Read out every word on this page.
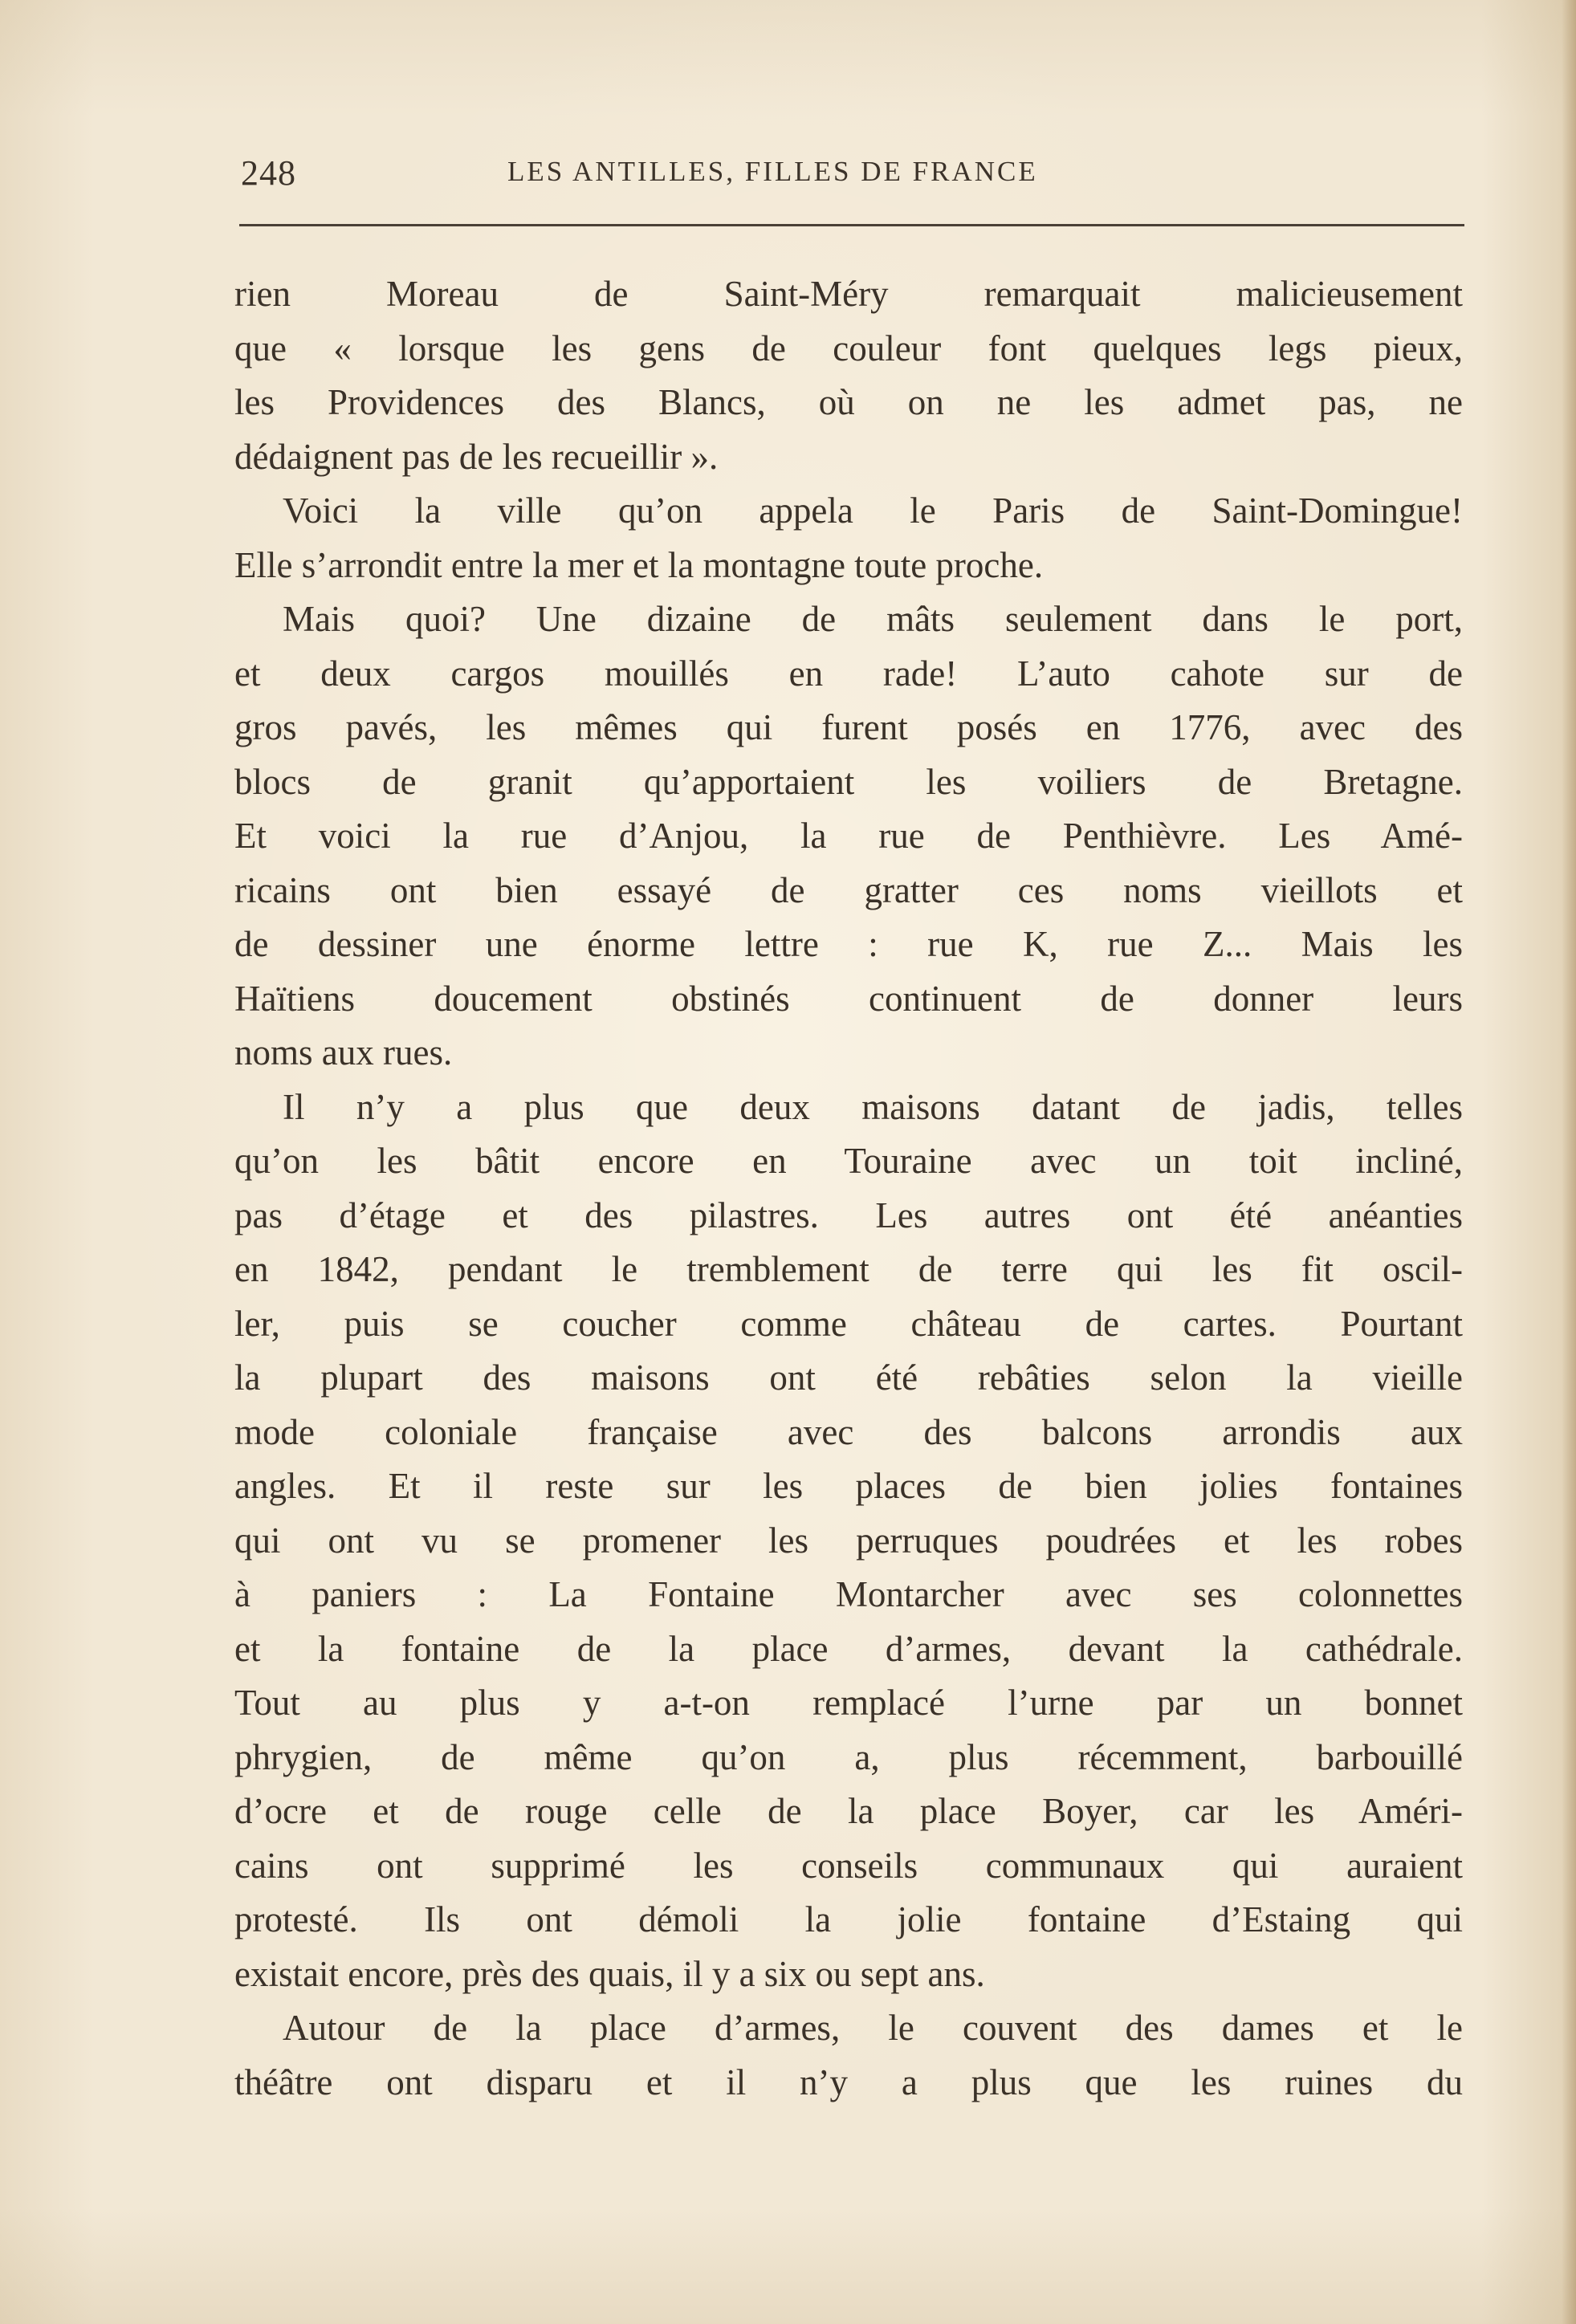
248	LES ANTILLES, FILLES DE FRANCE
rien Moreau de Saint-Méry remarquait malicieusement
que « lorsque les gens de couleur font quelques legs pieux,
les Providences des Blancs, où on ne les admet pas, ne
dédaignent pas de les recueillir ».
Voici la ville qu’on appela le Paris de Saint-Domingue!
Elle s’arrondit entre la mer et la montagne toute proche.
Mais quoi? Une dizaine de mâts seulement dans le port,
et deux cargos mouillés en rade! L’auto cahote sur de
gros pavés, les mêmes qui furent posés en 1776, avec des
blocs de granit qu’apportaient les voiliers de Bretagne.
Et voici la rue d’Anjou, la rue de Penthièvre. Les Amé-
ricains ont bien essayé de gratter ces noms vieillots et
de dessiner une énorme lettre : rue K, rue Z... Mais les
Haïtiens doucement obstinés continuent de donner leurs
noms aux rues.
Il n’y a plus que deux maisons datant de jadis, telles
qu’on les bâtit encore en Touraine avec un toit incliné,
pas d’étage et des pilastres. Les autres ont été anéanties
en 1842, pendant le tremblement de terre qui les fit oscil-
ler, puis se coucher comme château de cartes. Pourtant
la plupart des maisons ont été rebâties selon la vieille
mode coloniale française avec des balcons arrondis aux
angles. Et il reste sur les places de bien jolies fontaines
qui ont vu se promener les perruques poudrées et les robes
à paniers : La Fontaine Montarcher avec ses colonnettes
et la fontaine de la place d’armes, devant la cathédrale.
Tout au plus y a-t-on remplacé l’urne par un bonnet
phrygien, de même qu’on a, plus récemment, barbouillé
d’ocre et de rouge celle de la place Boyer, car les Améri-
cains ont supprimé les conseils communaux qui auraient
protesté. Ils ont démoli la jolie fontaine d’Estaing qui
existait encore, près des quais, il y a six ou sept ans.
Autour de la place d’armes, le couvent des dames et le
théâtre ont disparu et il n’y a plus que les ruines du
